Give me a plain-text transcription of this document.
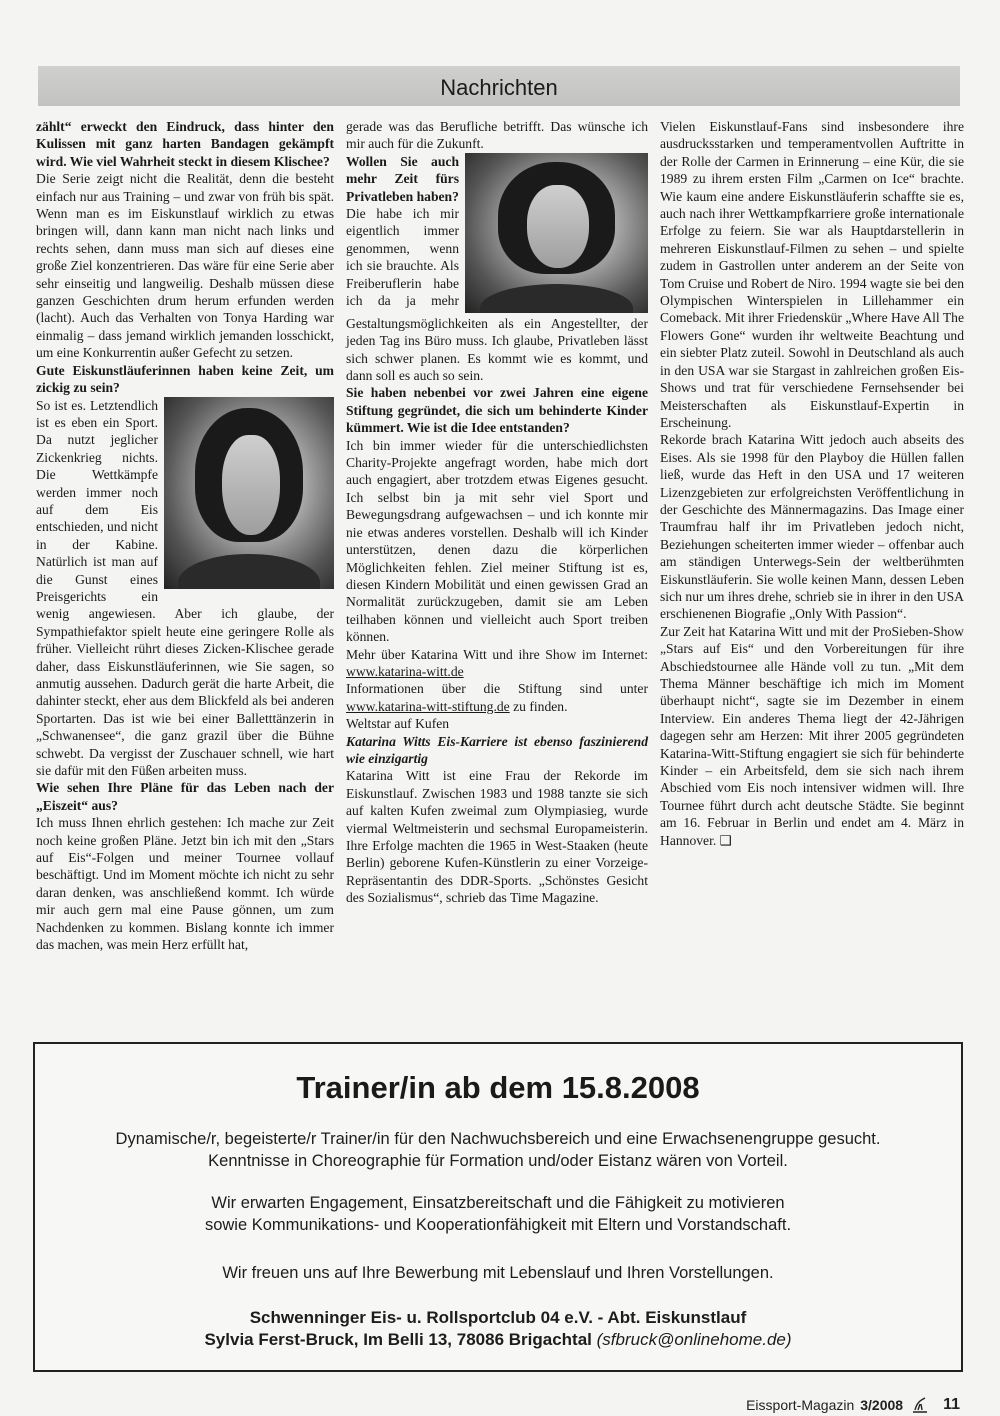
Nachrichten

zählt“ erweckt den Eindruck, dass hinter den Kulissen mit ganz harten Bandagen gekämpft wird. Wie viel Wahrheit steckt in diesem Klischee?

Die Serie zeigt nicht die Realität, denn die besteht einfach nur aus Training – und zwar von früh bis spät. Wenn man es im Eiskunstlauf wirklich zu etwas bringen will, dann kann man nicht nach links und rechts sehen, dann muss man sich auf dieses eine große Ziel konzentrieren. Das wäre für eine Serie aber sehr einseitig und langweilig. Deshalb müssen diese ganzen Geschichten drum herum erfunden werden (lacht). Auch das Verhalten von Tonya Harding war einmalig – dass jemand wirklich jemanden losschickt, um eine Konkurrentin außer Gefecht zu setzen.

Gute Eiskunstläuferinnen haben keine Zeit, um zickig zu sein?

So ist es. Letztendlich ist es eben ein Sport. Da nutzt jeglicher Zickenkrieg nichts. Die Wettkämpfe werden immer noch auf dem Eis entschieden, und nicht in der Kabine. Natürlich ist man auf die Gunst eines Preisgerichts ein wenig angewiesen. Aber ich glaube, der Sympathiefaktor spielt heute eine geringere Rolle als früher. Vielleicht rührt dieses Zicken-Klischee gerade daher, dass Eiskunstläuferinnen, wie Sie sagen, so anmutig aussehen. Dadurch gerät die harte Arbeit, die dahinter steckt, eher aus dem Blickfeld als bei anderen Sportarten. Das ist wie bei einer Balletttänzerin in „Schwanensee“, die ganz grazil über die Bühne schwebt. Da vergisst der Zuschauer schnell, wie hart sie dafür mit den Füßen arbeiten muss.

Wie sehen Ihre Pläne für das Leben nach der „Eiszeit“ aus?

Ich muss Ihnen ehrlich gestehen: Ich mache zur Zeit noch keine großen Pläne. Jetzt bin ich mit den „Stars auf Eis“-Folgen und meiner Tournee vollauf beschäftigt. Und im Moment möchte ich nicht zu sehr daran denken, was anschließend kommt. Ich würde mir auch gern mal eine Pause gönnen, um zum Nachdenken zu kommen. Bislang konnte ich immer das machen, was mein Herz erfüllt hat,

gerade was das Berufliche betrifft. Das wünsche ich mir auch für die Zukunft.

Wollen Sie auch mehr Zeit fürs Privatleben haben?

Die habe ich mir eigentlich immer genommen, wenn ich sie brauchte. Als Freiberuflerin habe ich da ja mehr Gestaltungsmöglichkeiten als ein Angestellter, der jeden Tag ins Büro muss. Ich glaube, Privatleben lässt sich schwer planen. Es kommt wie es kommt, und dann soll es auch so sein.

Sie haben nebenbei vor zwei Jahren eine eigene Stiftung gegründet, die sich um behinderte Kinder kümmert. Wie ist die Idee entstanden?

Ich bin immer wieder für die unterschiedlichsten Charity-Projekte angefragt worden, habe mich dort auch engagiert, aber trotzdem etwas Eigenes gesucht. Ich selbst bin ja mit sehr viel Sport und Bewegungsdrang aufgewachsen – und ich konnte mir nie etwas anderes vorstellen. Deshalb will ich Kinder unterstützen, denen dazu die körperlichen Möglichkeiten fehlen. Ziel meiner Stiftung ist es, diesen Kindern Mobilität und einen gewissen Grad an Normalität zurückzugeben, damit sie am Leben teilhaben können und vielleicht auch Sport treiben können.

Mehr über Katarina Witt und ihre Show im Internet: www.katarina-witt.de

Informationen über die Stiftung sind unter www.katarina-witt-stiftung.de zu finden.

Weltstar auf Kufen

Katarina Witts Eis-Karriere ist ebenso faszinierend wie einzigartig

Katarina Witt ist eine Frau der Rekorde im Eiskunstlauf. Zwischen 1983 und 1988 tanzte sie sich auf kalten Kufen zweimal zum Olympiasieg, wurde viermal Weltmeisterin und sechsmal Europameisterin. Ihre Erfolge machten die 1965 in West-Staaken (heute Berlin) geborene Kufen-Künstlerin zu einer Vorzeige-Repräsentantin des DDR-Sports. „Schönstes Gesicht des Sozialismus“, schrieb das Time Magazine.

Vielen Eiskunstlauf-Fans sind insbesondere ihre ausdrucksstarken und temperamentvollen Auftritte in der Rolle der Carmen in Erinnerung – eine Kür, die sie 1989 zu ihrem ersten Film „Carmen on Ice“ brachte. Wie kaum eine andere Eiskunstläuferin schaffte sie es, auch nach ihrer Wettkampfkarriere große internationale Erfolge zu feiern. Sie war als Hauptdarstellerin in mehreren Eiskunstlauf-Filmen zu sehen – und spielte zudem in Gastrollen unter anderem an der Seite von Tom Cruise und Robert de Niro. 1994 wagte sie bei den Olympischen Winterspielen in Lillehammer ein Comeback. Mit ihrer Friedenskür „Where Have All The Flowers Gone“ wurden ihr weltweite Beachtung und ein siebter Platz zuteil. Sowohl in Deutschland als auch in den USA war sie Stargast in zahlreichen großen Eis-Shows und trat für verschiedene Fernsehsender bei Meisterschaften als Eiskunstlauf-Expertin in Erscheinung.

Rekorde brach Katarina Witt jedoch auch abseits des Eises. Als sie 1998 für den Playboy die Hüllen fallen ließ, wurde das Heft in den USA und 17 weiteren Lizenzgebieten zur erfolgreichsten Veröffentlichung in der Geschichte des Männermagazins. Das Image einer Traumfrau half ihr im Privatleben jedoch nicht, Beziehungen scheiterten immer wieder – offenbar auch am ständigen Unterwegs-Sein der weltberühmten Eiskunstläuferin. Sie wolle keinen Mann, dessen Leben sich nur um ihres drehe, schrieb sie in ihrer in den USA erschienenen Biografie „Only With Passion“.

Zur Zeit hat Katarina Witt und mit der ProSieben-Show „Stars auf Eis“ und den Vorbereitungen für ihre Abschiedstournee alle Hände voll zu tun. „Mit dem Thema Männer beschäftige ich mich im Moment überhaupt nicht“, sagte sie im Dezember in einem Interview. Ein anderes Thema liegt der 42-Jährigen dagegen sehr am Herzen: Mit ihrer 2005 gegründeten Katarina-Witt-Stiftung engagiert sie sich für behinderte Kinder – ein Arbeitsfeld, dem sie sich nach ihrem Abschied vom Eis noch intensiver widmen will. Ihre Tournee führt durch acht deutsche Städte. Sie beginnt am 16. Februar in Berlin und endet am 4. März in Hannover. ❑

Trainer/in ab dem 15.8.2008
Dynamische/r, begeisterte/r Trainer/in für den Nachwuchsbereich und eine Erwachsenengruppe gesucht.
Kenntnisse in Choreographie für Formation und/oder Eistanz wären von Vorteil.
Wir erwarten Engagement, Einsatzbereitschaft und die Fähigkeit zu motivieren
sowie Kommunikations- und Kooperationfähigkeit mit Eltern und Vorstandschaft.
Wir freuen uns auf Ihre Bewerbung mit Lebenslauf und Ihren Vorstellungen.
Schwenninger Eis- u. Rollsportclub 04 e.V. - Abt. Eiskunstlauf
Sylvia Ferst-Bruck, Im Belli 13, 78086 Brigachtal (sfbruck@onlinehome.de)
Eissport-Magazin 3/2008	11
